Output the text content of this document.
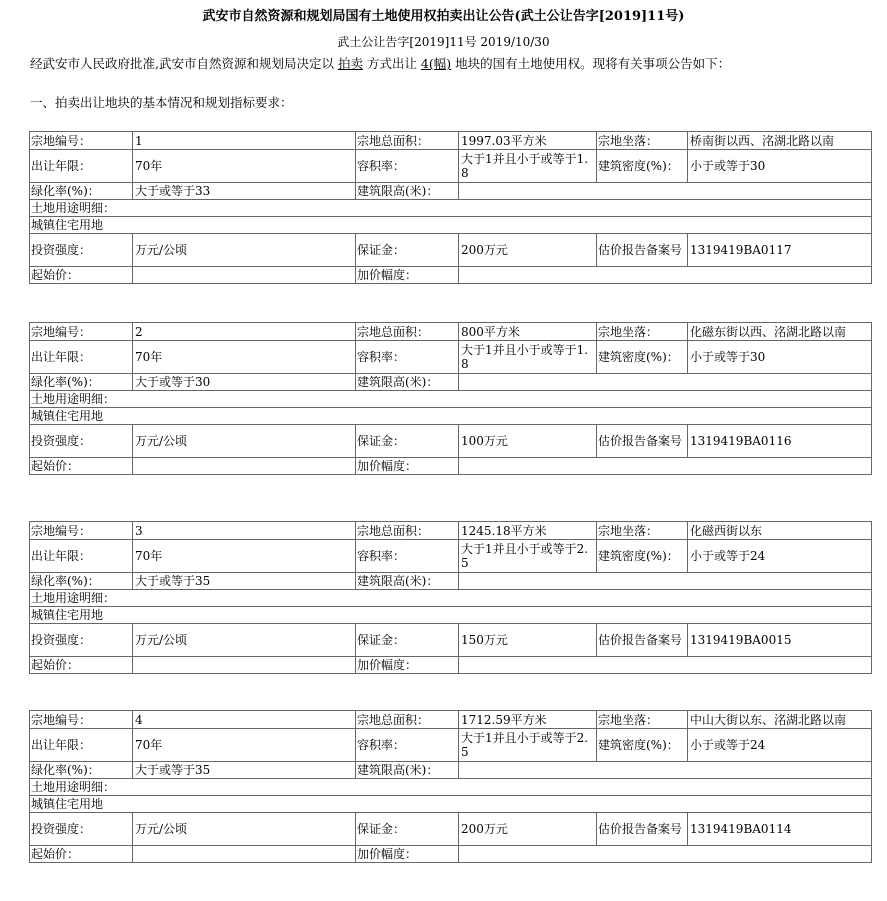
武安市自然资源和规划局国有土地使用权拍卖出让公告(武土公让告字[2019]11号)
武土公让告字[2019]11号 2019/10/30
经武安市人民政府批准,武安市自然资源和规划局决定以 拍卖 方式出让 4(幅) 地块的国有土地使用权。现将有关事项公告如下：
一、拍卖出让地块的基本情况和规划指标要求：
宗地编号：	1	宗地总面积：	1997.03平方米	宗地坐落：	桥南街以西、洺湖北路以南
出让年限：	70年	容积率：	大于1并且小于或等于1.8	建筑密度(%)：	小于或等于30
绿化率(%)：	大于或等于33	建筑限高(米)：			
土地用途明细：					
城镇住宅用地					
投资强度：	万元/公顷	保证金：	200万元	估价报告备案号	1319419BA0117
起始价：		加价幅度：			
宗地编号：	2	宗地总面积：	800平方米	宗地坐落：	化磁东街以西、洺湖北路以南
出让年限：	70年	容积率：	大于1并且小于或等于1.8	建筑密度(%)：	小于或等于30
绿化率(%)：	大于或等于30	建筑限高(米)：			
土地用途明细：					
城镇住宅用地					
投资强度：	万元/公顷	保证金：	100万元	估价报告备案号	1319419BA0116
起始价：		加价幅度：			
宗地编号：	3	宗地总面积：	1245.18平方米	宗地坐落：	化磁西街以东
出让年限：	70年	容积率：	大于1并且小于或等于2.5	建筑密度(%)：	小于或等于24
绿化率(%)：	大于或等于35	建筑限高(米)：			
土地用途明细：					
城镇住宅用地					
投资强度：	万元/公顷	保证金：	150万元	估价报告备案号	1319419BA0015
起始价：		加价幅度：			
宗地编号：	4	宗地总面积：	1712.59平方米	宗地坐落：	中山大街以东、洺湖北路以南
出让年限：	70年	容积率：	大于1并且小于或等于2.5	建筑密度(%)：	小于或等于24
绿化率(%)：	大于或等于35	建筑限高(米)：			
土地用途明细：					
城镇住宅用地					
投资强度：	万元/公顷	保证金：	200万元	估价报告备案号	1319419BA0114
起始价：		加价幅度：			
